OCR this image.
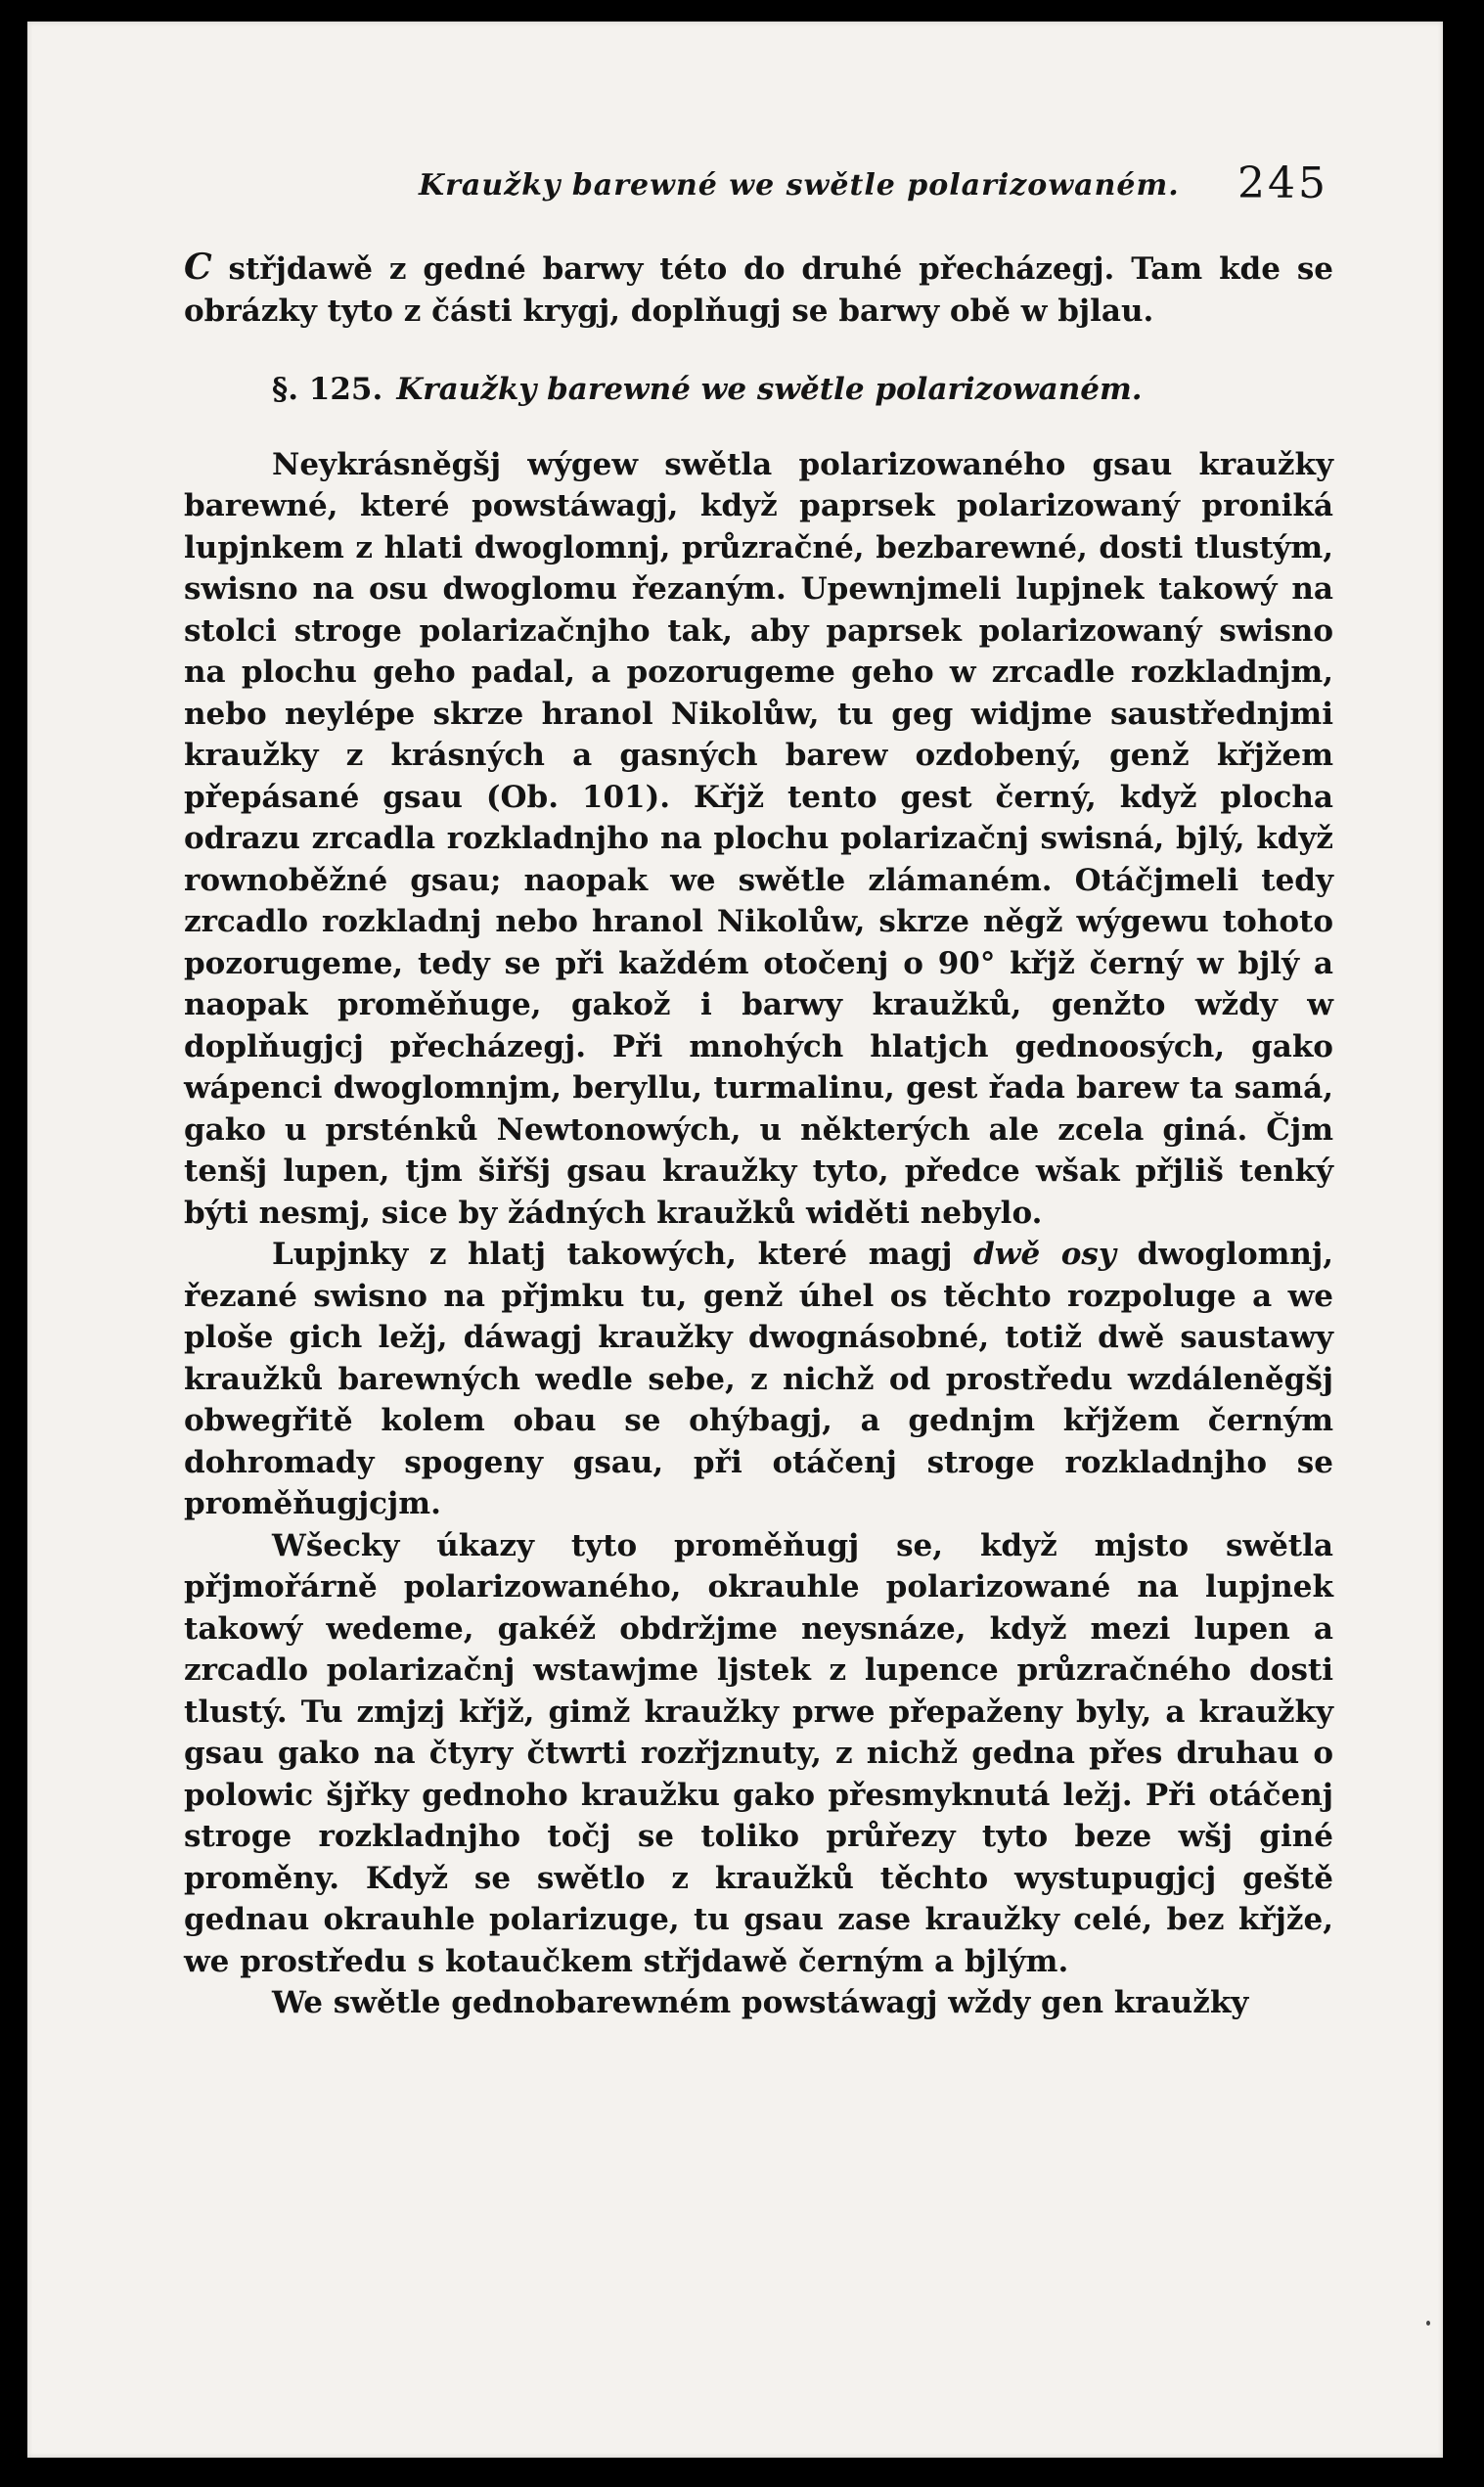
Kraužky barewné we swětle polarizowaném. 245

C střjdawě z gedné barwy této do druhé přecházegj. Tam kde se obrázky tyto z části krygj, doplňugj se barwy obě w bjlau.

§. 125. Kraužky barewné we swětle polarizowaném.

Neykrásněgšj wýgew swětla polarizowaného gsau kraužky barewné, které powstáwagj, když paprsek polarizowaný proniká lupjnkem z hlati dwoglomnj, průzračné, bezbarewné, dosti tlustým, swisno na osu dwoglomu řezaným. Upewnjmeli lupjnek takowý na stolci stroge polarizačnjho tak, aby paprsek polarizowaný swisno na plochu geho padal, a pozorugeme geho w zrcadle rozkladnjm, nebo neylépe skrze hranol Nikolůw, tu geg widjme saustřednjmi kraužky z krásných a gasných barew ozdobený, genž křjžem přepásané gsau (Ob. 101). Křjž tento gest černý, když plocha odrazu zrcadla rozkladnjho na plochu polarizačnj swisná, bjlý, když rownoběžné gsau; naopak we swětle zlámaném. Otáčjmeli tedy zrcadlo rozkladnj nebo hranol Nikolůw, skrze něgž wýgewu tohoto pozorugeme, tedy se při každém otočenj o 90° křjž černý w bjlý a naopak proměňuge, gakož i barwy kraužků, genžto wždy w doplňugjcj přecházegj. Při mnohých hlatjch gednoosých, gako wápenci dwoglomnjm, beryllu, turmalinu, gest řada barew ta samá, gako u prsténků Newtonowých, u některých ale zcela giná. Čjm tenšj lupen, tjm šiřšj gsau kraužky tyto, předce wšak přjliš tenký býti nesmj, sice by žádných kraužků widěti nebylo.

Lupjnky z hlatj takowých, které magj dwě osy dwoglomnj, řezané swisno na přjmku tu, genž úhel os těchto rozpoluge a we ploše gich ležj, dáwagj kraužky dwognásobné, totiž dwě saustawy kraužků barewných wedle sebe, z nichž od prostředu wzdáleněgšj obwegřitě kolem obau se ohýbagj, a gednjm křjžem černým dohromady spogeny gsau, při otáčenj stroge rozkladnjho se proměňugjcjm.

Wšecky úkazy tyto proměňugj se, když mjsto swětla přjmořárně polarizowaného, okrauhle polarizowané na lupjnek takowý wedeme, gakéž obdržjme neysnáze, když mezi lupen a zrcadlo polarizačnj wstawjme ljstek z lupence průzračného dosti tlustý. Tu zmjzj křjž, gimž kraužky prwe přepaženy byly, a kraužky gsau gako na čtyry čtwrti rozřjznuty, z nichž gedna přes druhau o polowic šjřky gednoho kraužku gako přesmyknutá ležj. Při otáčenj stroge rozkladnjho točj se toliko průřezy tyto beze wšj giné proměny. Když se swětlo z kraužků těchto wystupugjcj geště gednau okrauhle polarizuge, tu gsau zase kraužky celé, bez křjže, we prostředu s kotaučkem střjdawě černým a bjlým.

We swětle gednobarewném powstáwagj wždy gen kraužky
